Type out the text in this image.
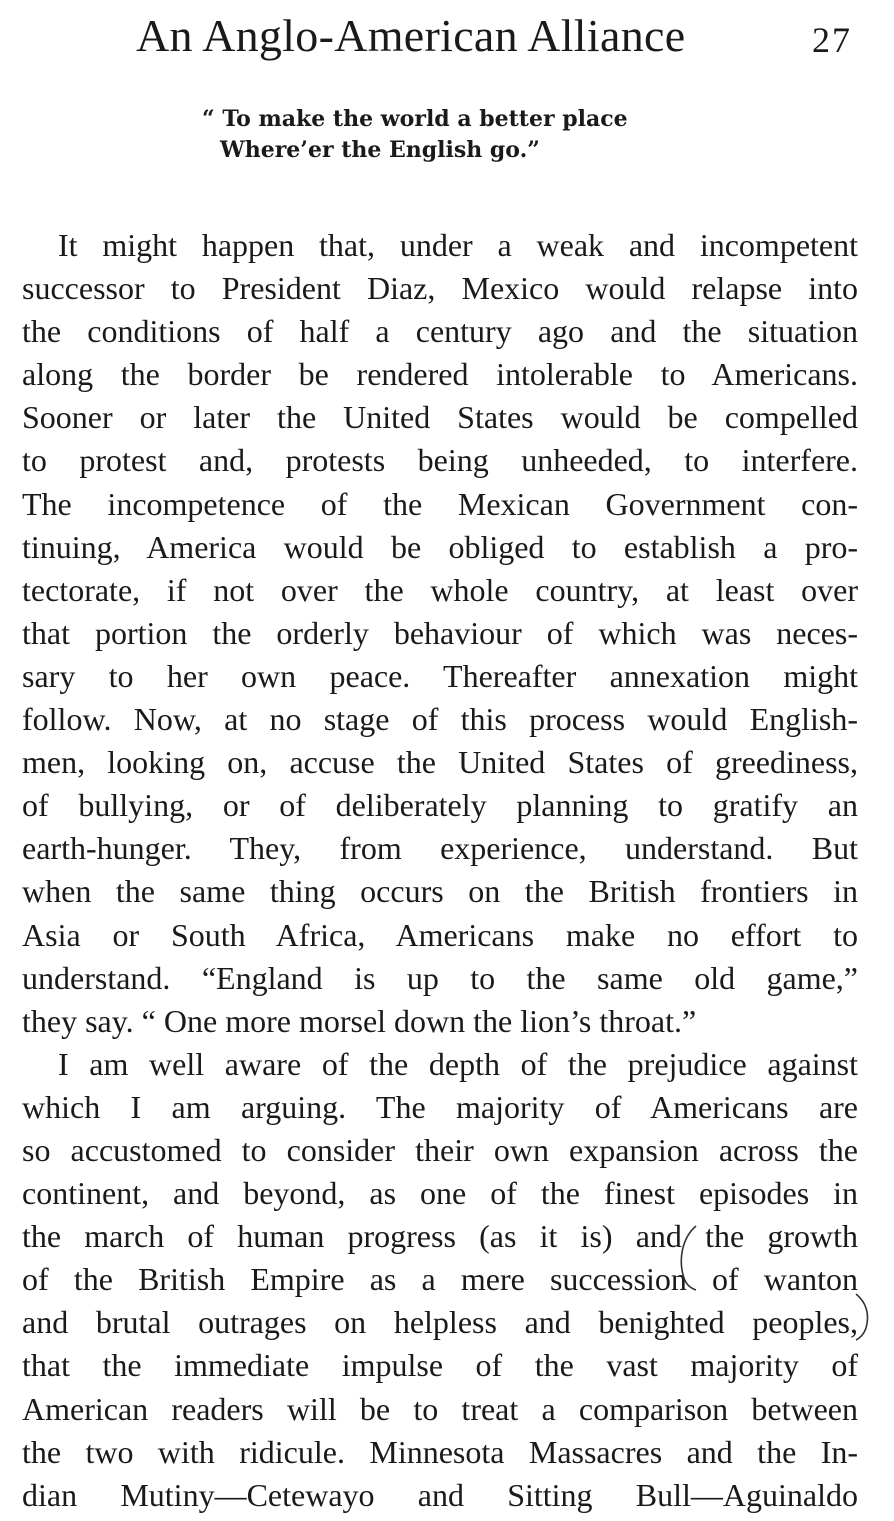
An Anglo-American Alliance	27
“ To make the world a better place
Where’er the English go.”
It might happen that, under a weak and incompetent
successor to President Diaz, Mexico would relapse into
the conditions of half a century ago and the situation
along the border be rendered intolerable to Americans.
Sooner or later the United States would be compelled
to protest and, protests being unheeded, to interfere.
The incompetence of the Mexican Government con-
tinuing, America would be obliged to establish a pro-
tectorate, if not over the whole country, at least over
that portion the orderly behaviour of which was neces-
sary to her own peace. Thereafter annexation might
follow. Now, at no stage of this process would English-
men, looking on, accuse the United States of greediness,
of bullying, or of deliberately planning to gratify an
earth-hunger. They, from experience, understand. But
when the same thing occurs on the British frontiers in
Asia or South Africa, Americans make no effort to
understand. “England is up to the same old game,”
they say. “ One more morsel down the lion’s throat.”
I am well aware of the depth of the prejudice against
which I am arguing. The majority of Americans are
so accustomed to consider their own expansion across the
continent, and beyond, as one of the finest episodes in
the march of human progress (as it is) and the growth
of the British Empire as a mere succession of wanton
and brutal outrages on helpless and benighted peoples,
that the immediate impulse of the vast majority of
American readers will be to treat a comparison between
the two with ridicule. Minnesota Massacres and the In-
dian Mutiny—Cetewayo and Sitting Bull—Aguinaldo
